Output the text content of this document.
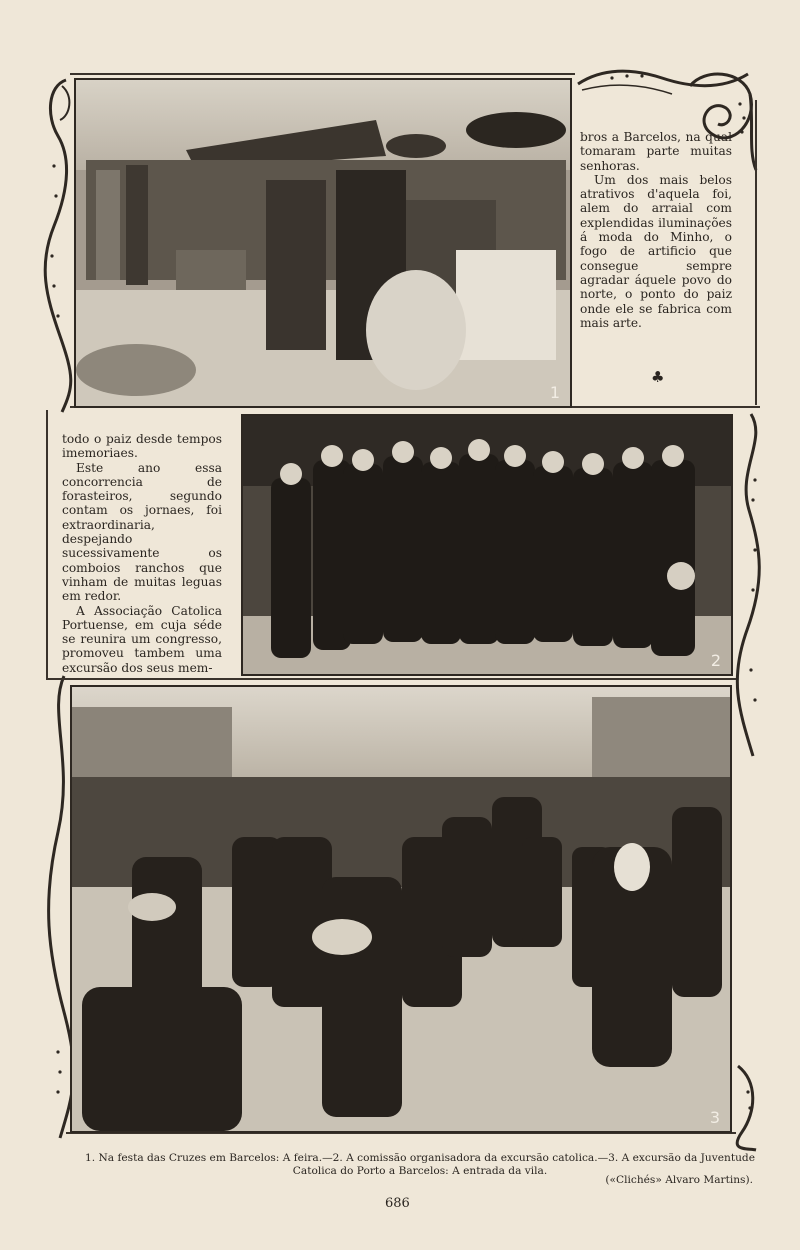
1

bros a Barcelos, na qual tomaram parte muitas senhoras.

Um dos mais belos atrativos d'aquela foi, alem do arraial com explendidas iluminações á moda do Minho, o fogo de artificio que consegue sempre agradar áquele povo do norte, o ponto do paiz onde ele se fabrica com mais arte.

♣

todo o paiz desde tempos imemoriaes.

Este ano essa concorrencia de forasteiros, segundo contam os jornaes, foi extraordinaria, despejando sucessivamente os comboios ranchos que vinham de muitas leguas em redor.

A Associação Catolica Portuense, em cuja séde se reunira um congresso, promoveu tambem uma excursão dos seus mem-	2
3
1. Na festa das Cruzes em Barcelos: A feira.—2. A comissão organisadora da excursão catolica.—3. A excursão da Juventude Catolica do Porto a Barcelos: A entrada da vila.
(«Clichés» Alvaro Martins).
686
